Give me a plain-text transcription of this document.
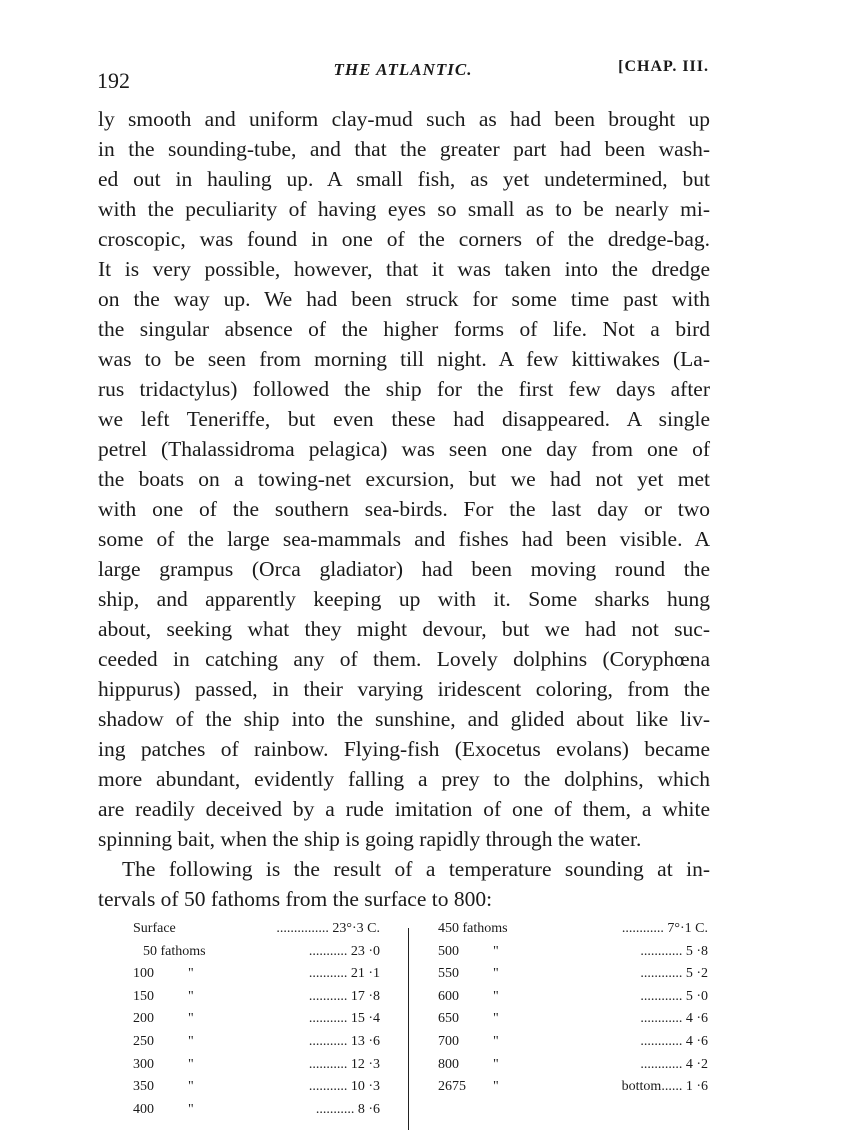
192	THE ATLANTIC.	[CHAP. III.
ly smooth and uniform clay-mud such as had been brought up
in the sounding-tube, and that the greater part had been wash-
ed out in hauling up. A small fish, as yet undetermined, but
with the peculiarity of having eyes so small as to be nearly mi-
croscopic, was found in one of the corners of the dredge-bag.
It is very possible, however, that it was taken into the dredge
on the way up. We had been struck for some time past with
the singular absence of the higher forms of life. Not a bird
was to be seen from morning till night. A few kittiwakes (La-
rus tridactylus) followed the ship for the first few days after
we left Teneriffe, but even these had disappeared. A single
petrel (Thalassidroma pelagica) was seen one day from one of
the boats on a towing-net excursion, but we had not yet met
with one of the southern sea-birds. For the last day or two
some of the large sea-mammals and fishes had been visible. A
large grampus (Orca gladiator) had been moving round the
ship, and apparently keeping up with it. Some sharks hung
about, seeking what they might devour, but we had not suc-
ceeded in catching any of them. Lovely dolphins (Coryphœna
hippurus) passed, in their varying iridescent coloring, from the
shadow of the ship into the sunshine, and glided about like liv-
ing patches of rainbow. Flying-fish (Exocetus evolans) became
more abundant, evidently falling a prey to the dolphins, which
are readily deceived by a rude imitation of one of them, a white
spinning bait, when the ship is going rapidly through the water.
The following is the result of a temperature sounding at in-
tervals of 50 fathoms from the surface to 800:
Surface	............... 23°·3 C.
50 fathoms	........... 23 ·0
100 "	........... 21 ·1
150 "	........... 17 ·8
200 "	........... 15 ·4
250 "	........... 13 ·6
300 "	........... 12 ·3
350 "	........... 10 ·3
400 "	........... 8 ·6
450 fathoms	............ 7°·1 C.
500 "	............ 5 ·8
550 "	............ 5 ·2
600 "	............ 5 ·0
650 "	............ 4 ·6
700 "	............ 4 ·6
800 "	............ 4 ·2
2675 "	bottom...... 1 ·6
